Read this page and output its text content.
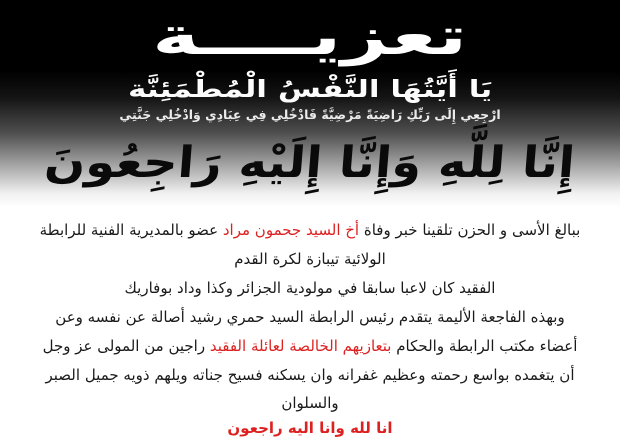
تعزيــــة
يَا أَيَّتُهَا النَّفْسُ الْمُطْمَئِنَّة
ارْجِعِي إِلَى رَبِّكِ رَاضِيَةً مَرْضِيَّةً فَادْخُلِي فِي عِبَادِي وَادْخُلِي جَنَّتِي
إِنَّا لِلَّهِ وَإِنَّا إِلَيْهِ رَاجِعُونَ
ببالغ الأسى و الحزن تلقينا خبر وفاة أخ السيد جحمون مراد عضو بالمديرية الفنية للرابطة
الولائية تيبازة لكرة القدم
الفقيد كان لاعبا سابقا في مولودية الجزائر وكذا وداد بوفاريك
وبهذه الفاجعة الأليمة يتقدم رئيس الرابطة السيد حمري رشيد أصالة عن نفسه وعن
أعضاء مكتب الرابطة والحكام بتعازيهم الخالصة لعائلة الفقيد راجين من المولى عز وجل
أن يتغمده بواسع رحمته وعظيم غفرانه وان يسكنه فسيح جناته ويلهم ذويه جميل الصبر
والسلوان
انا لله وانا اليه راجعون
